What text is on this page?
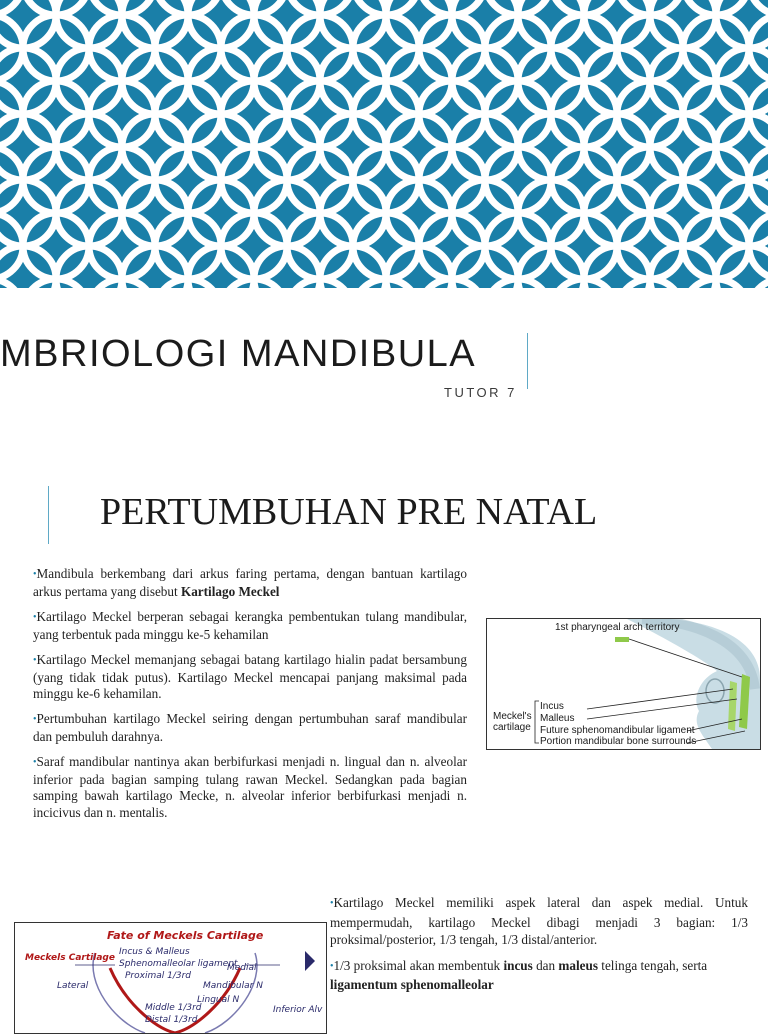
MBRIOLOGI MANDIBULA
TUTOR 7
PERTUMBUHAN PRE NATAL

•Mandibula berkembang dari arkus faring pertama, dengan bantuan kartilago arkus pertama yang disebut Kartilago Meckel

•Kartilago Meckel berperan sebagai kerangka pembentukan tulang mandibular, yang terbentuk pada minggu ke-5 kehamilan

•Kartilago Meckel memanjang sebagai batang kartilago hialin padat bersambung (yang tidak tidak putus). Kartilago Meckel mencapai panjang maksimal pada minggu ke-6 kehamilan.

•Pertumbuhan kartilago Meckel seiring dengan pertumbuhan saraf mandibular dan pembuluh darahnya.

•Saraf mandibular nantinya akan berbifurkasi menjadi n. lingual dan n. alveolar inferior pada bagian samping tulang rawan Meckel. Sedangkan pada bagian samping bawah kartilago Mecke, n. alveolar inferior berbifurkasi menjadi n. incicivus dan n. mentalis.

1st pharyngeal arch territory
Meckel's cartilage
Incus
Malleus
Future sphenomandibular ligament
Portion mandibular bone surrounds
Fate of Meckels Cartilage
Incus & Malleus
Sphenomalleolar ligament
Proximal 1/3rd
Meckels Cartilage
Medial
Lateral	Mandibular N
Lingual N
Middle 1/3rd
Distal 1/3rd
Inferior Alv

•Kartilago Meckel memiliki aspek lateral dan aspek medial. Untuk mempermudah, kartilago Meckel dibagi menjadi 3 bagian: 1/3 proksimal/posterior, 1/3 tengah, 1/3 distal/anterior.

•1/3 proksimal akan membentuk incus dan maleus telinga tengah, serta ligamentum sphenomalleolar
